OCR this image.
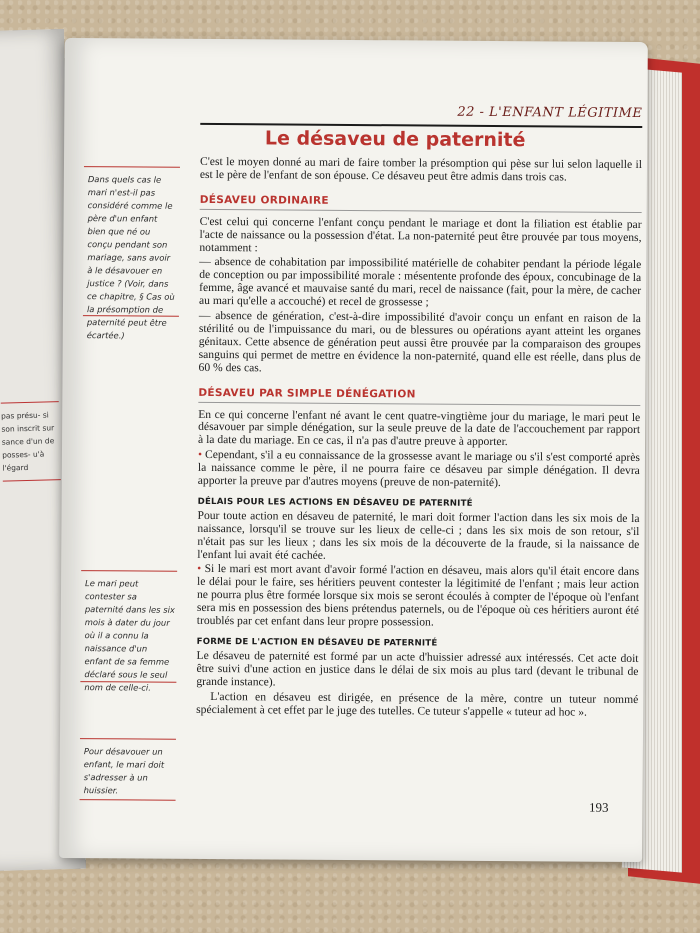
pas présu- si son inscrit sur sance d'un de posses- u'à l'égard
22 - L'ENFANT LÉGITIME
Le désaveu de paternité
Dans quels cas le mari n'est-il pas considéré comme le père d'un enfant bien que né ou conçu pendant son mariage, sans avoir à le désavouer en justice ? (Voir, dans ce chapitre, § Cas où la présomption de paternité peut être écartée.)
Le mari peut contester sa paternité dans les six mois à dater du jour où il a connu la naissance d'un enfant de sa femme déclaré sous le seul nom de celle-ci.
Pour désavouer un enfant, le mari doit s'adresser à un huissier.

C'est le moyen donné au mari de faire tomber la présomption qui pèse sur lui selon laquelle il est le père de l'enfant de son épouse. Ce désaveu peut être admis dans trois cas.

DÉSAVEU ORDINAIRE

C'est celui qui concerne l'enfant conçu pendant le mariage et dont la filiation est établie par l'acte de naissance ou la possession d'état. La non-paternité peut être prouvée par tous moyens, notamment :

— absence de cohabitation par impossibilité matérielle de cohabiter pendant la période légale de conception ou par impossibilité morale : mésentente profonde des époux, concubinage de la femme, âge avancé et mauvaise santé du mari, recel de naissance (fait, pour la mère, de cacher au mari qu'elle a accouché) et recel de grossesse ;

— absence de génération, c'est-à-dire impossibilité d'avoir conçu un enfant en raison de la stérilité ou de l'impuissance du mari, ou de blessures ou opérations ayant atteint les organes génitaux. Cette absence de génération peut aussi être prouvée par la comparaison des groupes sanguins qui permet de mettre en évidence la non-paternité, quand elle est réelle, dans plus de 60 % des cas.

DÉSAVEU PAR SIMPLE DÉNÉGATION

En ce qui concerne l'enfant né avant le cent quatre-vingtième jour du mariage, le mari peut le désavouer par simple dénégation, sur la seule preuve de la date de l'accouchement par rapport à la date du mariage. En ce cas, il n'a pas d'autre preuve à apporter.

• Cependant, s'il a eu connaissance de la grossesse avant le mariage ou s'il s'est comporté après la naissance comme le père, il ne pourra faire ce désaveu par simple dénégation. Il devra apporter la preuve par d'autres moyens (preuve de non-paternité).

DÉLAIS POUR LES ACTIONS EN DÉSAVEU DE PATERNITÉ

Pour toute action en désaveu de paternité, le mari doit former l'action dans les six mois de la naissance, lorsqu'il se trouve sur les lieux de celle-ci ; dans les six mois de son retour, s'il n'était pas sur les lieux ; dans les six mois de la découverte de la fraude, si la naissance de l'enfant lui avait été cachée.

• Si le mari est mort avant d'avoir formé l'action en désaveu, mais alors qu'il était encore dans le délai pour le faire, ses héritiers peuvent contester la légitimité de l'enfant ; mais leur action ne pourra plus être formée lorsque six mois se seront écoulés à compter de l'époque où l'enfant sera mis en possession des biens prétendus paternels, ou de l'époque où ces héritiers auront été troublés par cet enfant dans leur propre possession.

FORME DE L'ACTION EN DÉSAVEU DE PATERNITÉ

Le désaveu de paternité est formé par un acte d'huissier adressé aux intéressés. Cet acte doit être suivi d'une action en justice dans le délai de six mois au plus tard (devant le tribunal de grande instance).

L'action en désaveu est dirigée, en présence de la mère, contre un tuteur nommé spécialement à cet effet par le juge des tutelles. Ce tuteur s'appelle « tuteur ad hoc ».

193
